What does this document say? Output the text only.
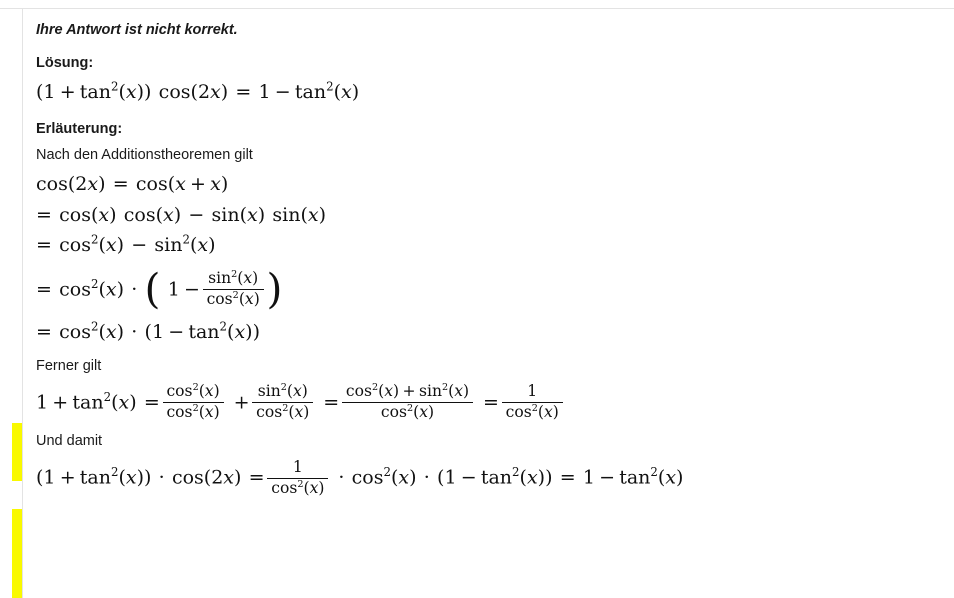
Ihre Antwort ist nicht korrekt.
Lösung:
$(1 + \tan^2(x))$ $\cos(2x) = 1 - \tan^2(x)$
Erläuterung:
Nach den Additionstheoremen gilt
cos(2x) = cos(x + x)
= cos(x) cos(x) − sin(x) sin(x)
= $\cos^2(x) - \sin^2(x)$
= $\cos^2(x)$ · ( $1 - \frac{\sin^2(x)}{\cos^2(x)}$ )
= $\cos^2(x) \cdot (1 - \tan^2(x))$
Ferner gilt
$1 + \tan^2(x) = \frac{\cos^2(x)}{\cos^2(x)} + \frac{\sin^2(x)}{\cos^2(x)} = \frac{\cos^2(x) + \sin^2(x)}{\cos^2(x)} = \frac{1}{\cos^2(x)}$
Und damit
$(1 + \tan^2(x)) \cdot \cos(2x) = \frac{1}{\cos^2(x)} \cdot \cos^2(x) \cdot (1 - \tan^2(x)) = 1 - \tan^2(x)$
